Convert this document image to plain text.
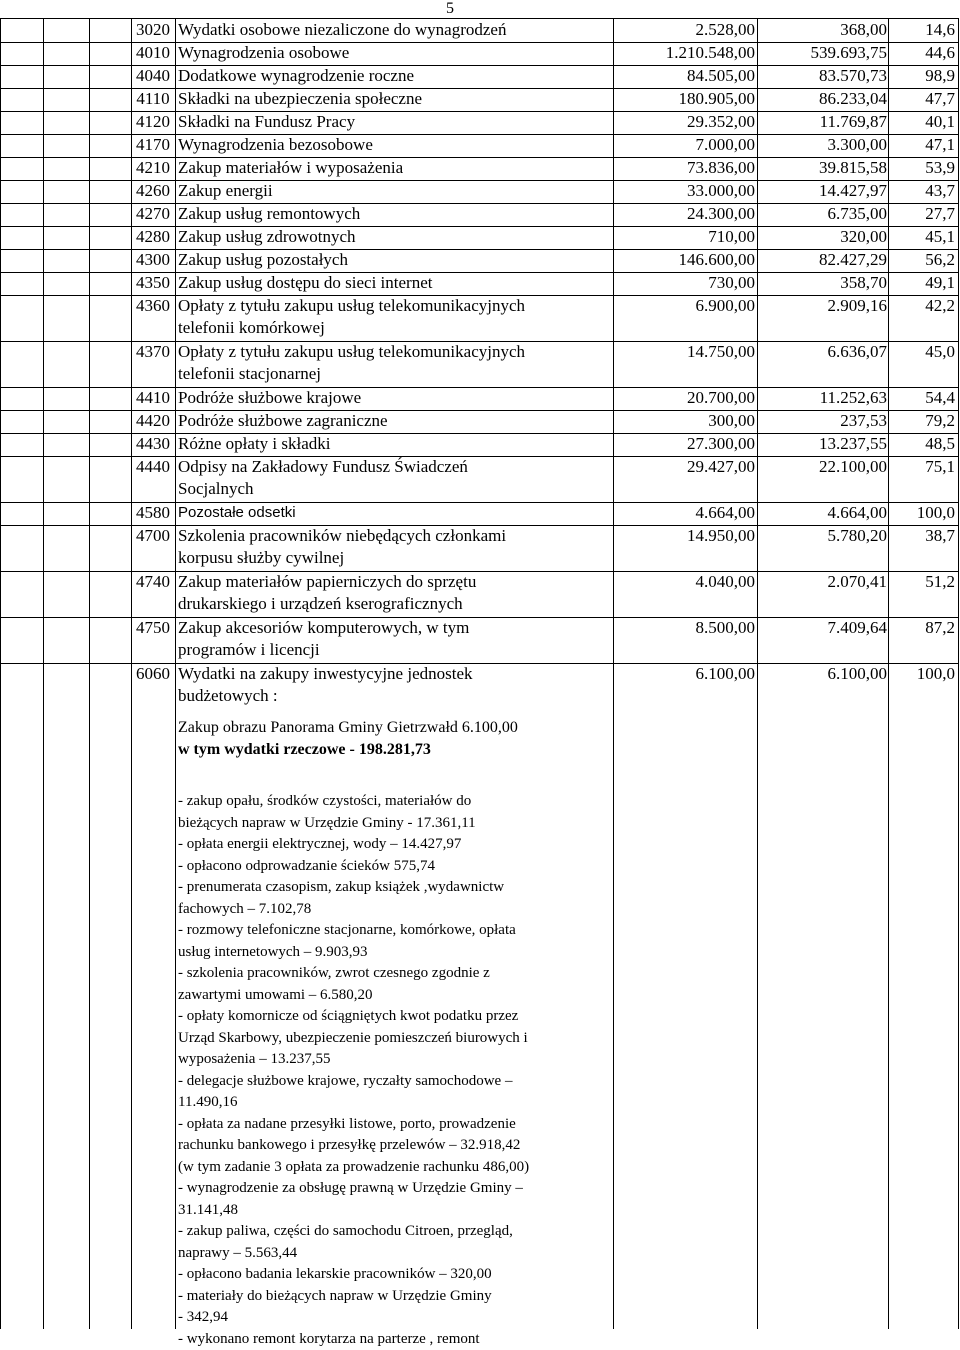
5
3020 Wydatki osobowe niezaliczone do wynagrodzeń	2.528,00	368,00	14,6
4010 Wynagrodzenia osobowe	1.210.548,00	539.693,75	44,6
4040 Dodatkowe wynagrodzenie roczne	84.505,00	83.570,73	98,9
4110 Składki na ubezpieczenia społeczne	180.905,00	86.233,04	47,7
4120 Składki na Fundusz Pracy	29.352,00	11.769,87	40,1
4170 Wynagrodzenia bezosobowe	7.000,00	3.300,00	47,1
4210 Zakup materiałów i wyposażenia	73.836,00	39.815,58	53,9
4260 Zakup energii	33.000,00	14.427,97	43,7
4270 Zakup usług remontowych	24.300,00	6.735,00	27,7
4280 Zakup usług zdrowotnych	710,00	320,00	45,1
4300 Zakup usług pozostałych	146.600,00	82.427,29	56,2
4350 Zakup usług dostępu do sieci internet	730,00	358,70	49,1
4360 Opłaty z tytułu zakupu usług telekomunikacyjnych
telefonii komórkowej
6.900,00	2.909,16	42,2
4370 Opłaty z tytułu zakupu usług telekomunikacyjnych
telefonii stacjonarnej
14.750,00	6.636,07	45,0
4410 Podróże służbowe krajowe	20.700,00	11.252,63	54,4
4420 Podróże służbowe zagraniczne	300,00	237,53	79,2
4430 Różne opłaty i składki	27.300,00	13.237,55	48,5
4440 Odpisy na Zakładowy Fundusz Świadczeń
Socjalnych
29.427,00	22.100,00	75,1
4580 Pozostałe odsetki	4.664,00	4.664,00	100,0
4700 Szkolenia pracowników niebędących członkami
korpusu służby cywilnej
14.950,00	5.780,20	38,7
4740 Zakup materiałów papierniczych do sprzętu
drukarskiego i urządzeń kserograficznych
4.040,00	2.070,41	51,2
4750 Zakup akcesoriów komputerowych, w tym
programów i licencji
8.500,00	7.409,64	87,2
6060 Wydatki na zakupy inwestycyjne jednostek
budżetowych :
6.100,00	6.100,00	100,0
Zakup obrazu Panorama Gminy Gietrzwałd 6.100,00
w tym wydatki rzeczowe - 198.281,73
- zakup opału, środków czystości, materiałów do
bieżących napraw w Urzędzie Gminy - 17.361,11
- opłata energii elektrycznej, wody – 14.427,97
- opłacono odprowadzanie ścieków 575,74
- prenumerata czasopism, zakup książek ,wydawnictw
fachowych – 7.102,78
- rozmowy telefoniczne stacjonarne, komórkowe, opłata
usług internetowych – 9.903,93
- szkolenia pracowników, zwrot czesnego zgodnie z
zawartymi umowami – 6.580,20
- opłaty komornicze od ściągniętych kwot podatku przez
Urząd Skarbowy, ubezpieczenie pomieszczeń biurowych i
wyposażenia – 13.237,55
- delegacje służbowe krajowe, ryczałty samochodowe –
11.490,16
- opłata za nadane przesyłki listowe, porto, prowadzenie
rachunku bankowego i przesyłkę przelewów – 32.918,42
(w tym zadanie 3 opłata za prowadzenie rachunku 486,00)
- wynagrodzenie za obsługę prawną w Urzędzie Gminy –
31.141,48
- zakup paliwa, części do samochodu Citroen, przegląd,
naprawy – 5.563,44
- opłacono badania lekarskie pracowników – 320,00
- materiały do bieżących napraw w Urzędzie Gminy
- 342,94
- wykonano remont korytarza na parterze , remont
